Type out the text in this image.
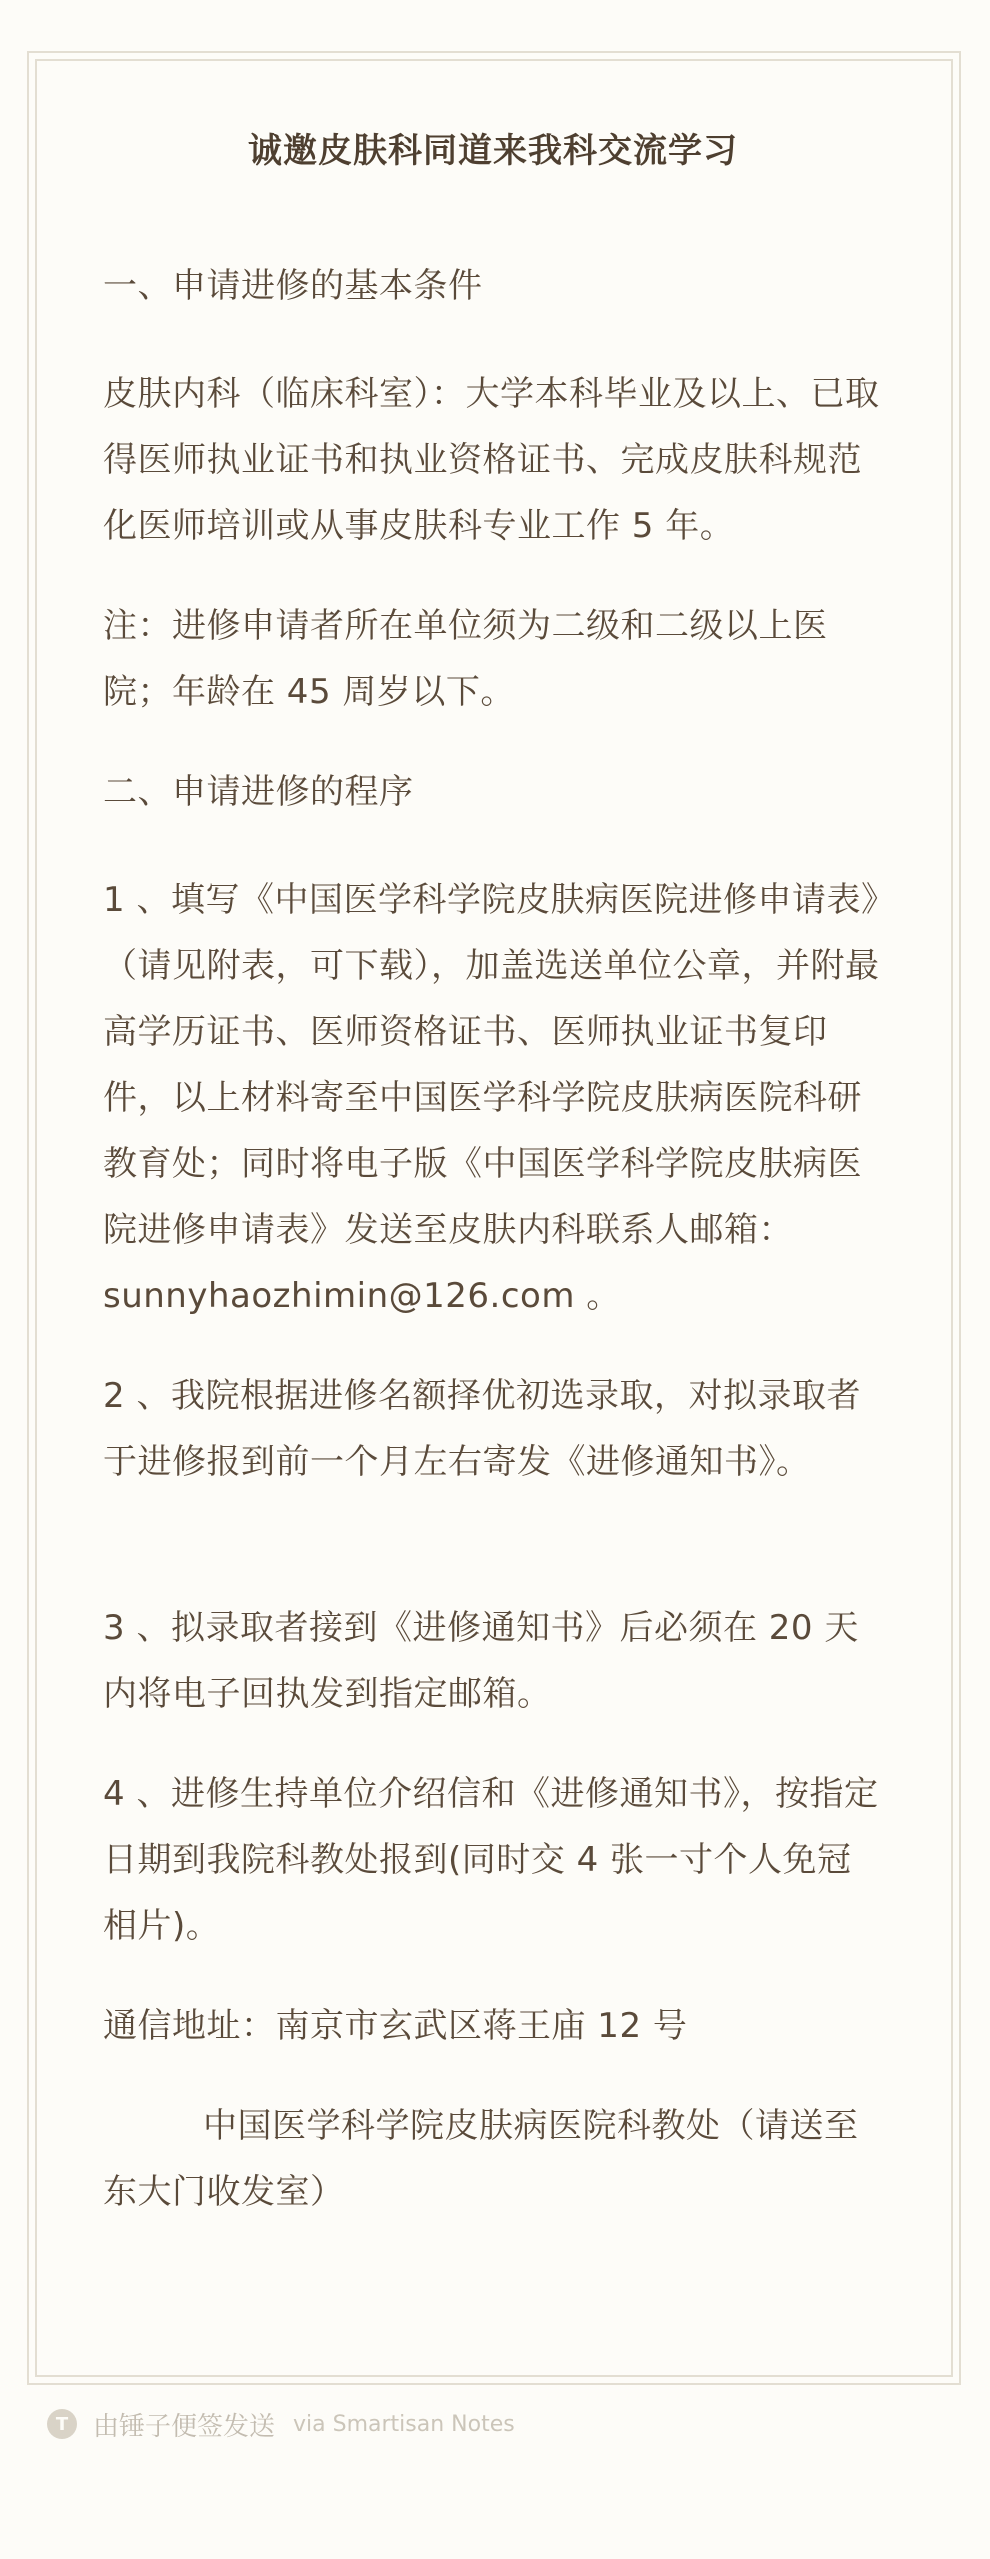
诚邀皮肤科同道来我科交流学习
一、申请进修的基本条件
皮肤内科（临床科室）：大学本科毕业及以上、已取得医师执业证书和执业资格证书、完成皮肤科规范化医师培训或从事皮肤科专业工作 5 年。
注：进修申请者所在单位须为二级和二级以上医院；年龄在 45 周岁以下。
二、申请进修的程序
1 、填写《中国医学科学院皮肤病医院进修申请表》（请见附表，可下载），加盖选送单位公章，并附最高学历证书、医师资格证书、医师执业证书复印件，以上材料寄至中国医学科学院皮肤病医院科研教育处；同时将电子版《中国医学科学院皮肤病医院进修申请表》发送至皮肤内科联系人邮箱： sunnyhaozhimin@126.com 。
2 、我院根据进修名额择优初选录取，对拟录取者于进修报到前一个月左右寄发《进修通知书》。
3 、拟录取者接到《进修通知书》后必须在 20 天内将电子回执发到指定邮箱。
4 、进修生持单位介绍信和《进修通知书》，按指定日期到我院科教处报到(同时交 4 张一寸个人免冠相片)。
通信地址：南京市玄武区蒋王庙 12 号
中国医学科学院皮肤病医院科教处（请送至东大门收发室）
T 由锤子便签发送 via Smartisan Notes
